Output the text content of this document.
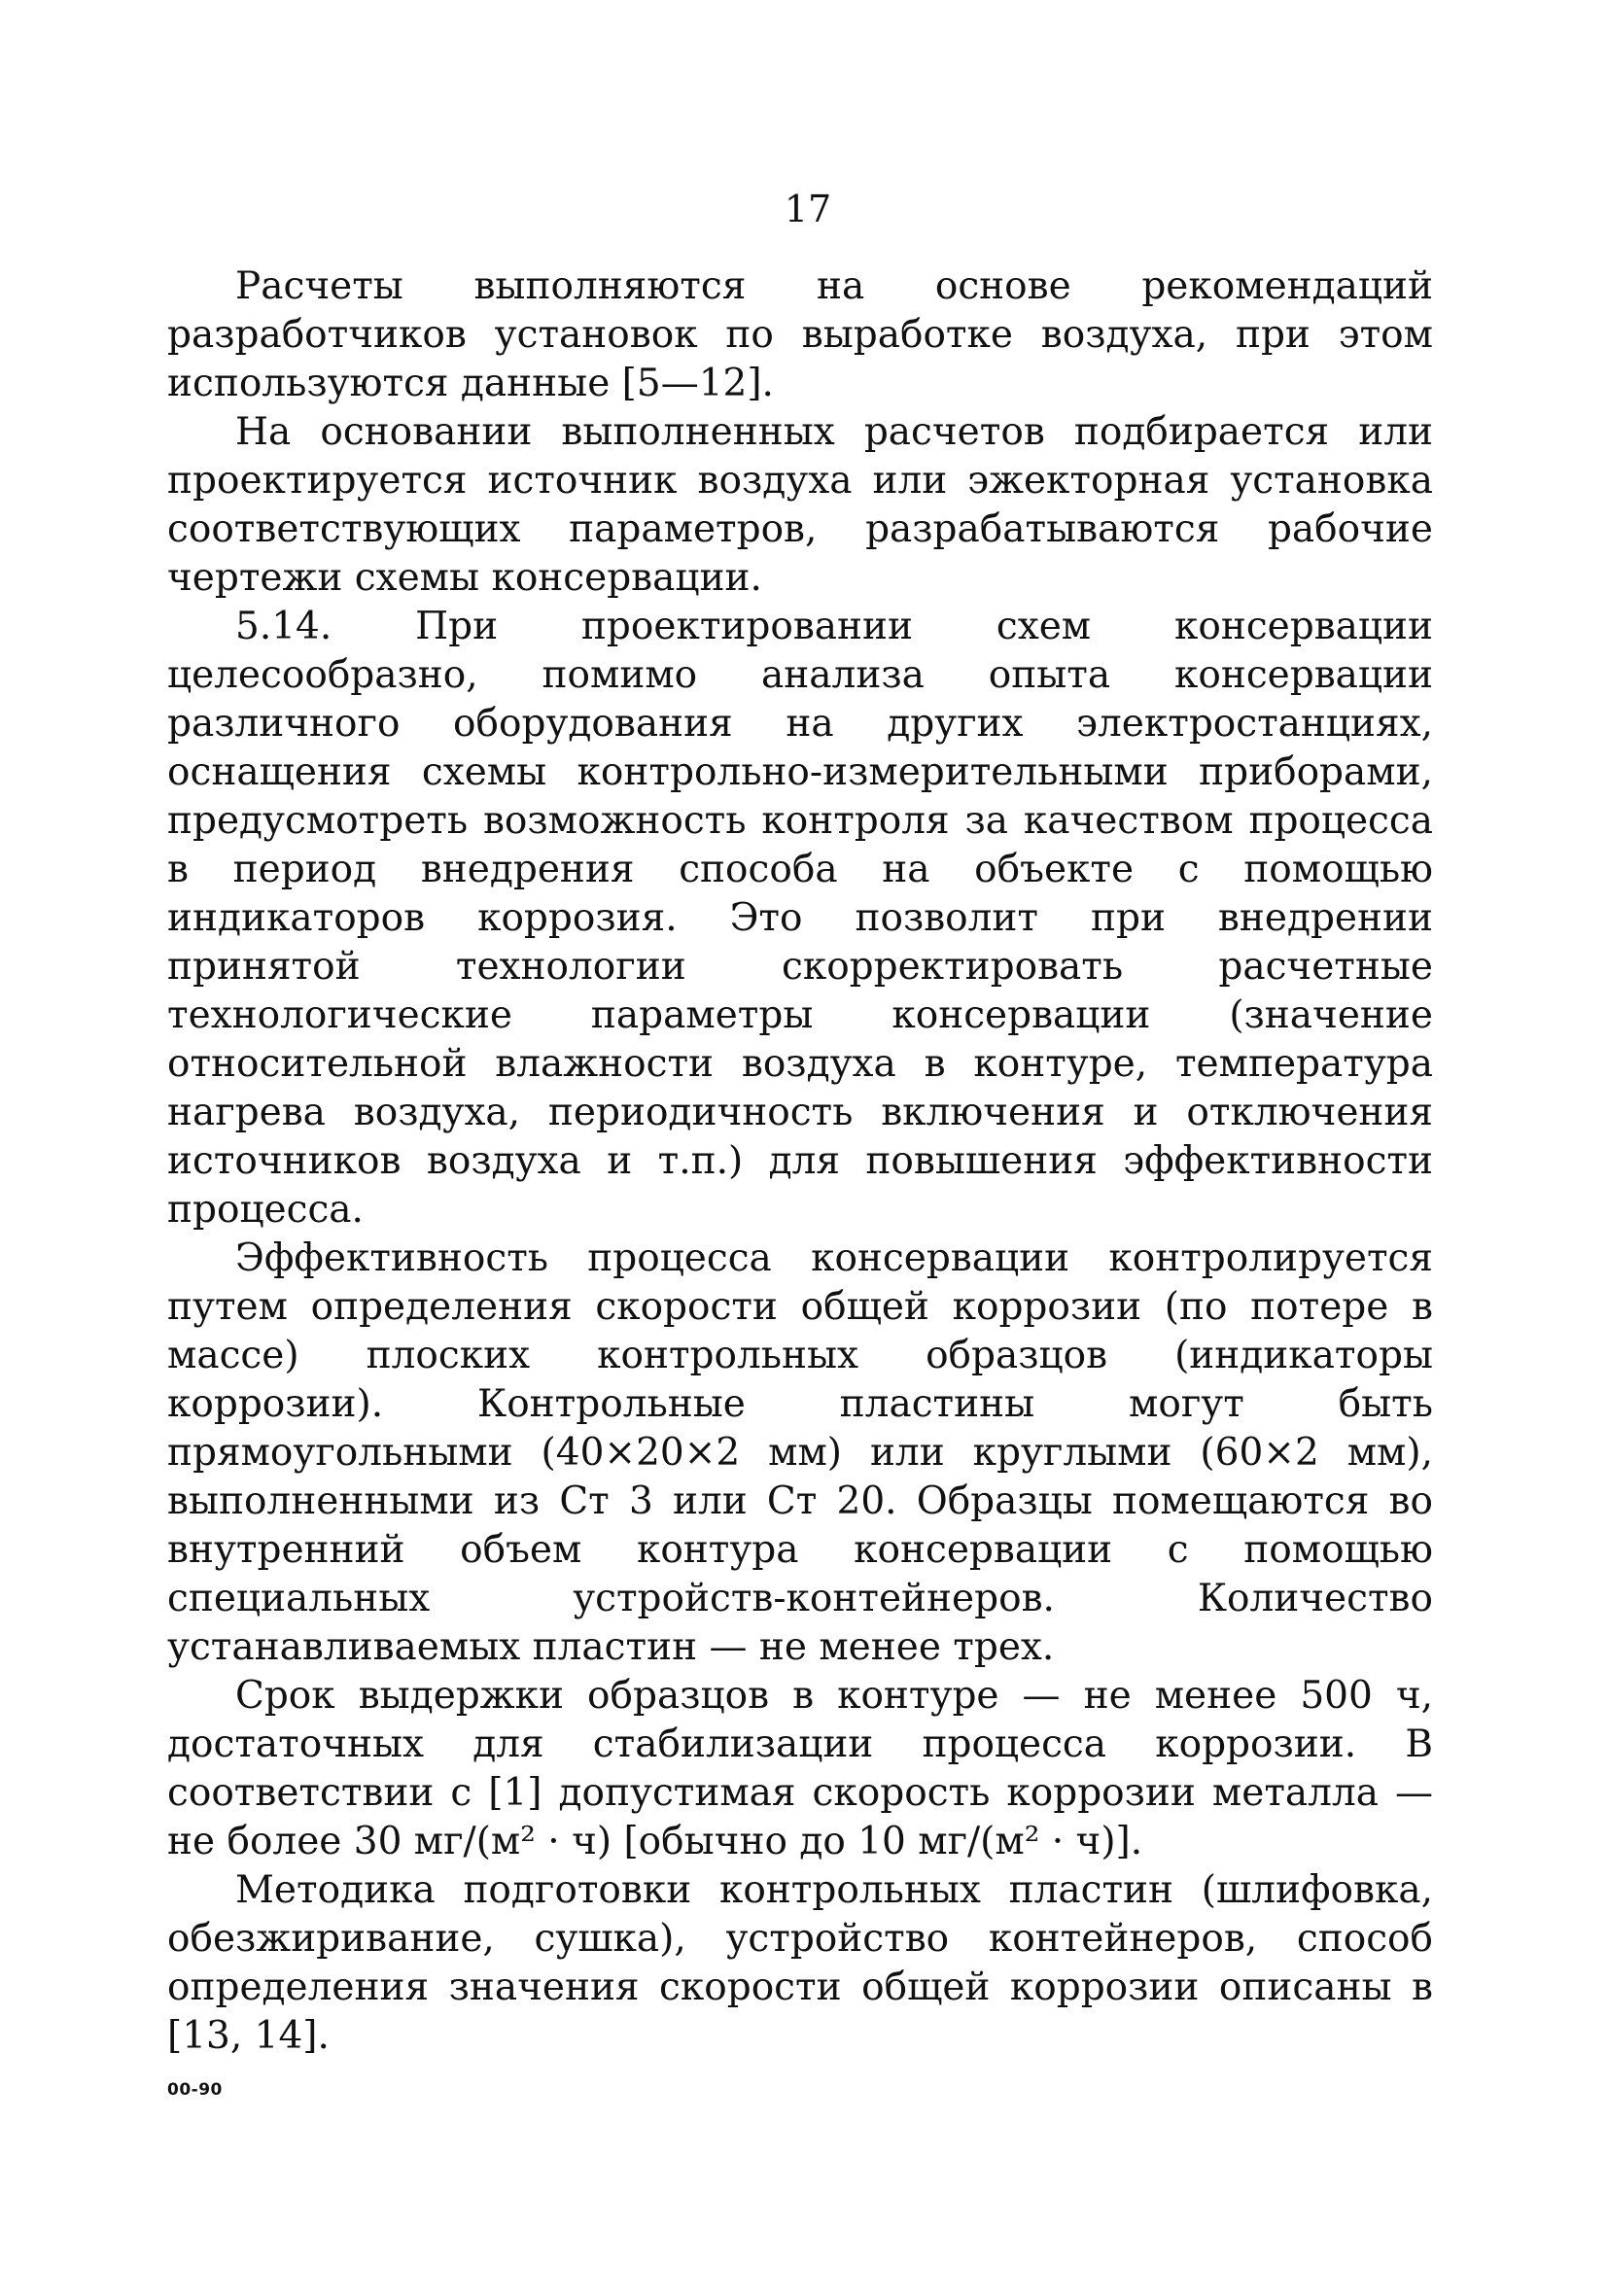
17

Расчеты выполняются на основе рекомендаций разработчиков установок по выработке воздуха, при этом используются данные [5—12].

На основании выполненных расчетов подбирается или проектируется источник воздуха или эжекторная установка соответствующих параметров, разрабатываются рабочие чертежи схемы консервации.

5.14. При проектировании схем консервации целесообразно, помимо анализа опыта консервации различного оборудования на других электростанциях, оснащения схемы контрольно-измерительными приборами, предусмотреть возможность контроля за качеством процесса в период внедрения способа на объекте с помощью индикаторов коррозия. Это позволит при внедрении принятой технологии скорректировать расчетные технологические параметры консервации (значение относительной влажности воздуха в контуре, температура нагрева воздуха, периодичность включения и отключения источников воздуха и т.п.) для повышения эффективности процесса.

Эффективность процесса консервации контролируется путем определения скорости общей коррозии (по потере в массе) плоских контрольных образцов (индикаторы коррозии). Контрольные пластины могут быть прямоугольными (40×20×2 мм) или круглыми (60×2 мм), выполненными из Ст 3 или Ст 20. Образцы помещаются во внутренний объем контура консервации с помощью специальных устройств-контейнеров. Количество устанавливаемых пластин — не менее трех.

Срок выдержки образцов в контуре — не менее 500 ч, достаточных для стабилизации процесса коррозии. В соответствии с [1] допустимая скорость коррозии металла — не более 30 мг/(м² · ч) [обычно до 10 мг/(м² · ч)].

Методика подготовки контрольных пластин (шлифовка, обезжиривание, сушка), устройство контейнеров, способ определения значения скорости общей коррозии описаны в [13, 14].

00-90
